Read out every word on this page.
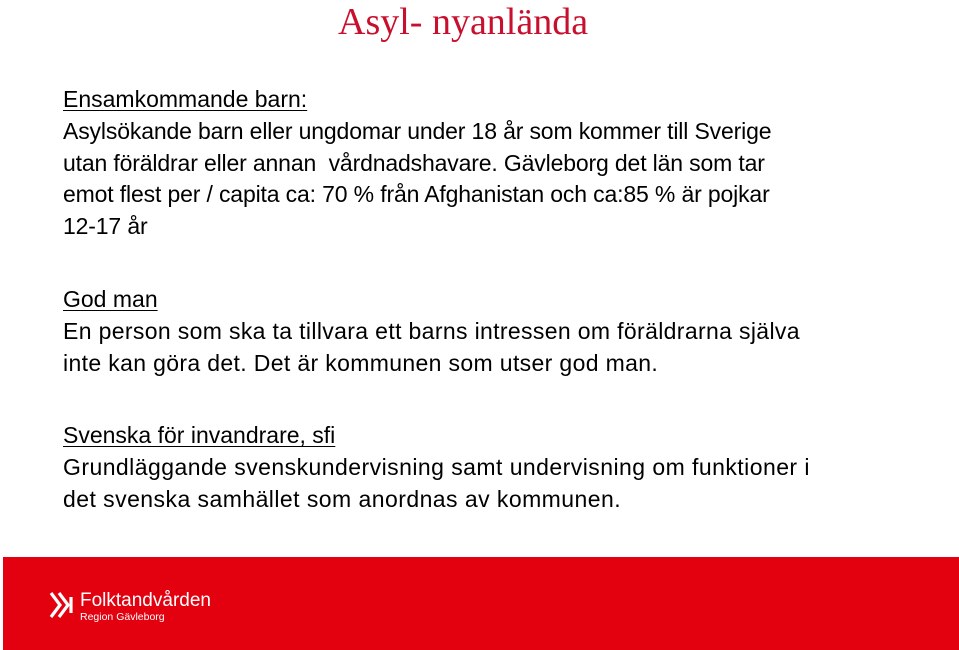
Asyl- nyanlända

Ensamkommande barn:

Asylsökande barn eller ungdomar under 18 år som kommer till Sverige
utan föräldrar eller annan  vårdnadshavare. Gävleborg det län som tar
emot flest per / capita ca: 70 % från Afghanistan och ca:85 % är pojkar
12-17 år

God man

En person som ska ta tillvara ett barns intressen om föräldrarna själva
inte kan göra det. Det är kommunen som utser god man.

Svenska för invandrare, sfi

Grundläggande svenskundervisning samt undervisning om funktioner i
det svenska samhället som anordnas av kommunen.

Folktandvården
Region Gävleborg
